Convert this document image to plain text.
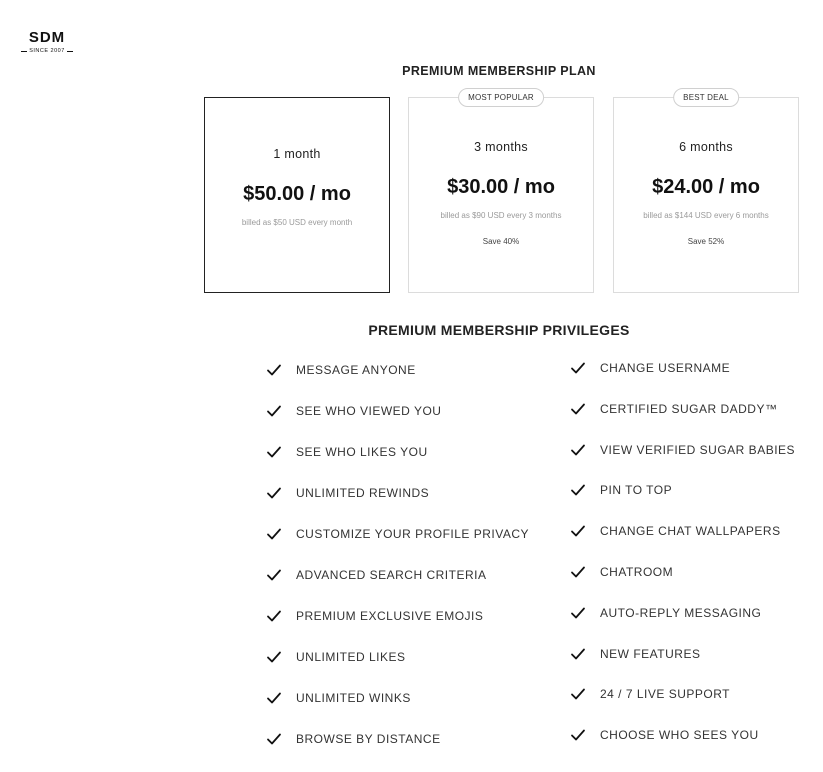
SDM
SINCE 2007
PREMIUM MEMBERSHIP PLAN
1 month
$50.00 / mo
billed as $50 USD every month
MOST POPULAR
3 months
$30.00 / mo
billed as $90 USD every 3 months
Save 40%
BEST DEAL
6 months
$24.00 / mo
billed as $144 USD every 6 months
Save 52%
PREMIUM MEMBERSHIP PRIVILEGES
MESSAGE ANYONE
SEE WHO VIEWED YOU
SEE WHO LIKES YOU
UNLIMITED REWINDS
CUSTOMIZE YOUR PROFILE PRIVACY
ADVANCED SEARCH CRITERIA
PREMIUM EXCLUSIVE EMOJIS
UNLIMITED LIKES
UNLIMITED WINKS
BROWSE BY DISTANCE
CHANGE USERNAME
CERTIFIED SUGAR DADDY™
VIEW VERIFIED SUGAR BABIES
PIN TO TOP
CHANGE CHAT WALLPAPERS
CHATROOM
AUTO-REPLY MESSAGING
NEW FEATURES
24 / 7 LIVE SUPPORT
CHOOSE WHO SEES YOU
